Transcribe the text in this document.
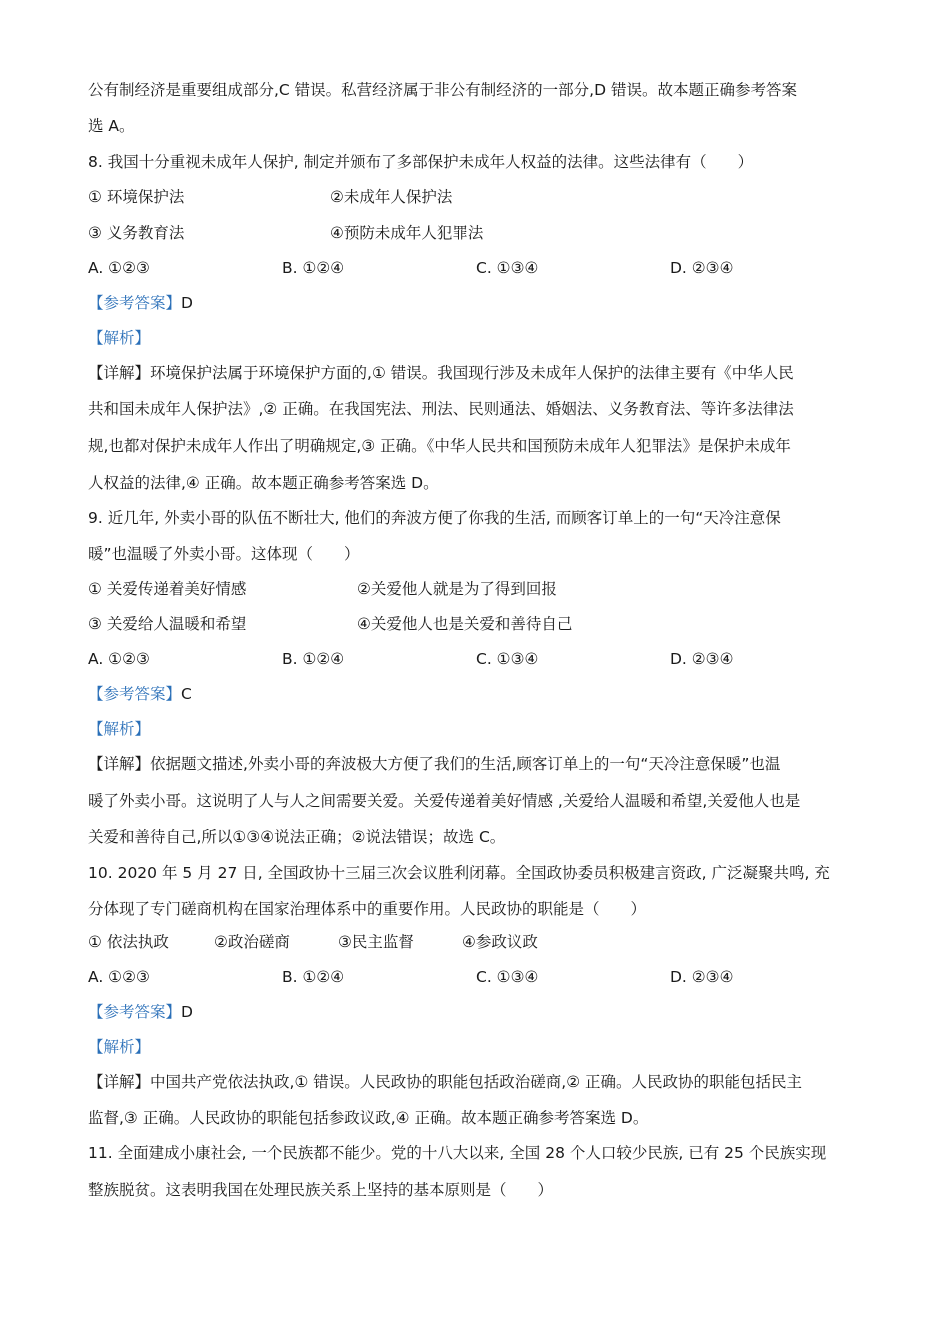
公有制经济是重要组成部分,C 错误。私营经济属于非公有制经济的一部分,D 错误。故本题正确参考答案
选 A。
8. 我国十分重视未成年人保护, 制定并颁布了多部保护未成年人权益的法律。这些法律有（　　）
① 环境保护法	②未成年人保护法
③ 义务教育法	④预防未成年人犯罪法
A. ①②③	B. ①②④	C. ①③④	D. ②③④
【参考答案】D
【解析】
【详解】环境保护法属于环境保护方面的,① 错误。我国现行涉及未成年人保护的法律主要有《中华人民
共和国未成年人保护法》,② 正确。在我国宪法、刑法、民则通法、婚姻法、义务教育法、等许多法律法
规,也都对保护未成年人作出了明确规定,③ 正确。《中华人民共和国预防未成年人犯罪法》是保护未成年
人权益的法律,④ 正确。故本题正确参考答案选 D。
9. 近几年, 外卖小哥的队伍不断壮大, 他们的奔波方便了你我的生活, 而顾客订单上的一句“天冷注意保
暖”也温暖了外卖小哥。这体现（　　）
① 关爱传递着美好情感	②关爱他人就是为了得到回报
③ 关爱给人温暖和希望	④关爱他人也是关爱和善待自己
A. ①②③	B. ①②④	C. ①③④	D. ②③④
【参考答案】C
【解析】
【详解】依据题文描述,外卖小哥的奔波极大方便了我们的生活,顾客订单上的一句“天冷注意保暖”也温
暖了外卖小哥。这说明了人与人之间需要关爱。关爱传递着美好情感 ,关爱给人温暖和希望,关爱他人也是
关爱和善待自己,所以①③④说法正确；②说法错误；故选 C。
10. 2020 年 5 月 27 日, 全国政协十三届三次会议胜利闭幕。全国政协委员积极建言资政, 广泛凝聚共鸣, 充
分体现了专门磋商机构在国家治理体系中的重要作用。人民政协的职能是（　　）
① 依法执政	②政治磋商	③民主监督	④参政议政
A. ①②③	B. ①②④	C. ①③④	D. ②③④
【参考答案】D
【解析】
【详解】中国共产党依法执政,① 错误。人民政协的职能包括政治磋商,② 正确。人民政协的职能包括民主
监督,③ 正确。人民政协的职能包括参政议政,④ 正确。故本题正确参考答案选 D。
11. 全面建成小康社会, 一个民族都不能少。党的十八大以来, 全国 28 个人口较少民族, 已有 25 个民族实现
整族脱贫。这表明我国在处理民族关系上坚持的基本原则是（　　）
